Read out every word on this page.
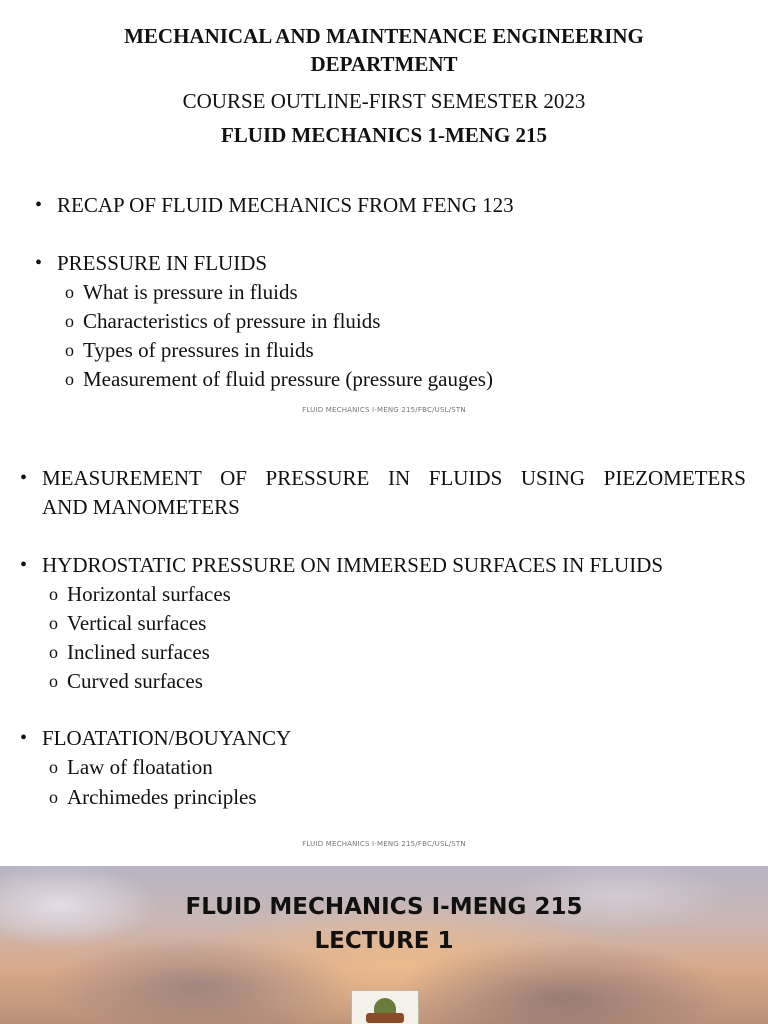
MECHANICAL AND MAINTENANCE ENGINEERING DEPARTMENT
COURSE OUTLINE-FIRST SEMESTER 2023
FLUID MECHANICS 1-MENG 215
• RECAP OF FLUID MECHANICS FROM FENG 123
• PRESSURE IN FLUIDS
o What is pressure in fluids
o Characteristics of pressure in fluids
o Types of pressures in fluids
o Measurement of fluid pressure (pressure gauges)
FLUID MECHANICS I-MENG 215/FBC/USL/STN
• MEASUREMENT OF PRESSURE IN FLUIDS USING PIEZOMETERS
AND MANOMETERS
• HYDROSTATIC PRESSURE ON IMMERSED SURFACES IN FLUIDS
o Horizontal surfaces
o Vertical surfaces
o Inclined surfaces
o Curved surfaces
• FLOATATION/BOUYANCY
o Law of floatation
o Archimedes principles
FLUID MECHANICS I-MENG 215/FBC/USL/STN
FLUID MECHANICS I-MENG 215
LECTURE 1
